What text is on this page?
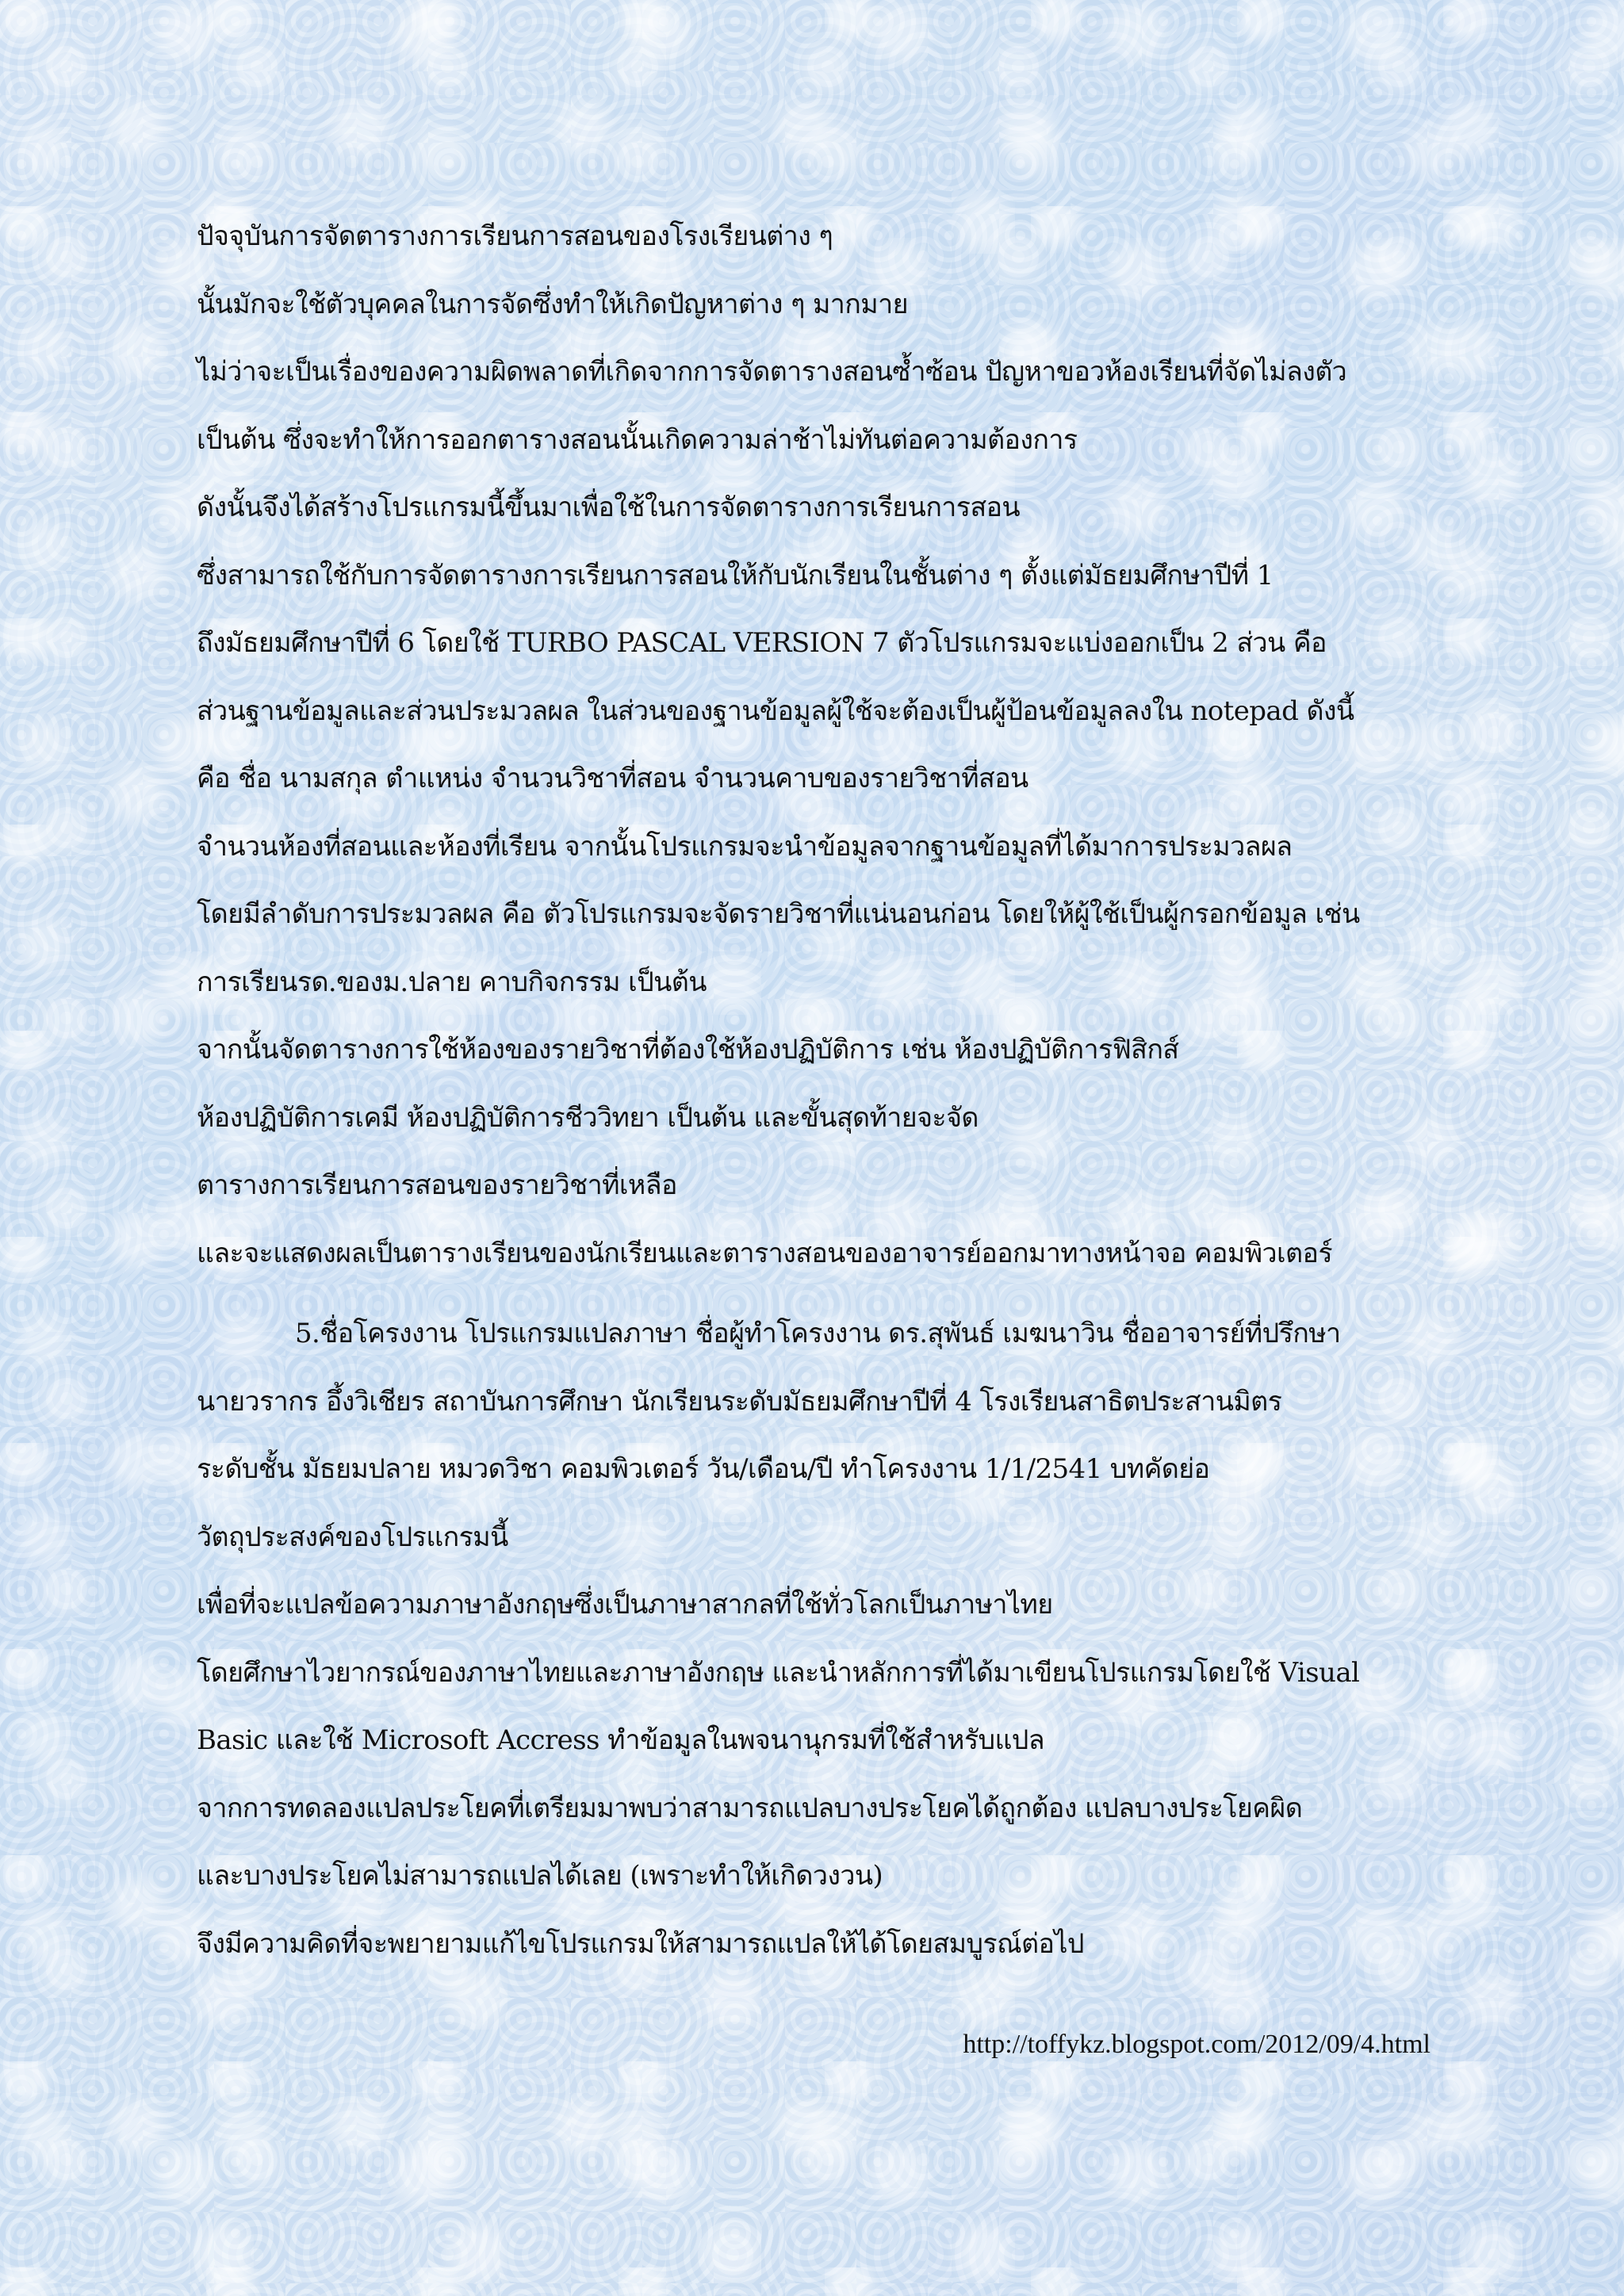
ปัจจุบันการจัดตารางการเรียนการสอนของโรงเรียนต่าง ๆ
นั้นมักจะใช้ตัวบุคคลในการจัดซึ่งทำให้เกิดปัญหาต่าง ๆ มากมาย
ไม่ว่าจะเป็นเรื่องของความผิดพลาดที่เกิดจากการจัดตารางสอนซ้ำซ้อน ปัญหาขอวห้องเรียนที่จัดไม่ลงตัว
เป็นต้น ซึ่งจะทำให้การออกตารางสอนนั้นเกิดความล่าช้าไม่ทันต่อความต้องการ
ดังนั้นจึงได้สร้างโปรแกรมนี้ขึ้นมาเพื่อใช้ในการจัดตารางการเรียนการสอน
ซึ่งสามารถใช้กับการจัดตารางการเรียนการสอนให้กับนักเรียนในชั้นต่าง ๆ ตั้งแต่มัธยมศึกษาปีที่ 1
ถึงมัธยมศึกษาปีที่ 6 โดยใช้ TURBO PASCAL VERSION 7 ตัวโปรแกรมจะแบ่งออกเป็น 2 ส่วน คือ
ส่วนฐานข้อมูลและส่วนประมวลผล ในส่วนของฐานข้อมูลผู้ใช้จะต้องเป็นผู้ป้อนข้อมูลลงใน notepad ดังนี้
คือ ชื่อ นามสกุล ตำแหน่ง จำนวนวิชาที่สอน จำนวนคาบของรายวิชาที่สอน
จำนวนห้องที่สอนและห้องที่เรียน จากนั้นโปรแกรมจะนำข้อมูลจากฐานข้อมูลที่ได้มาการประมวลผล
โดยมีลำดับการประมวลผล คือ ตัวโปรแกรมจะจัดรายวิชาที่แน่นอนก่อน โดยให้ผู้ใช้เป็นผู้กรอกข้อมูล เช่น
การเรียนรด.ของม.ปลาย คาบกิจกรรม เป็นต้น
จากนั้นจัดตารางการใช้ห้องของรายวิชาที่ต้องใช้ห้องปฏิบัติการ เช่น ห้องปฏิบัติการฟิสิกส์
ห้องปฏิบัติการเคมี ห้องปฏิบัติการชีววิทยา เป็นต้น และขั้นสุดท้ายจะจัด
ตารางการเรียนการสอนของรายวิชาที่เหลือ
และจะแสดงผลเป็นตารางเรียนของนักเรียนและตารางสอนของอาจารย์ออกมาทางหน้าจอ คอมพิวเตอร์
5.ชื่อโครงงาน โปรแกรมแปลภาษา ชื่อผู้ทำโครงงาน ดร.สุพันธ์ เมฆนาวิน ชื่ออาจารย์ที่ปรึกษา
นายวรากร อึ้งวิเชียร สถาบันการศึกษา นักเรียนระดับมัธยมศึกษาปีที่ 4 โรงเรียนสาธิตประสานมิตร
ระดับชั้น มัธยมปลาย หมวดวิชา คอมพิวเตอร์ วัน/เดือน/ปี ทำโครงงาน 1/1/2541 บทคัดย่อ
วัตถุประสงค์ของโปรแกรมนี้
เพื่อที่จะแปลข้อความภาษาอังกฤษซึ่งเป็นภาษาสากลที่ใช้ทั่วโลกเป็นภาษาไทย
โดยศึกษาไวยากรณ์ของภาษาไทยและภาษาอังกฤษ และนำหลักการที่ได้มาเขียนโปรแกรมโดยใช้ Visual
Basic และใช้ Microsoft Accress ทำข้อมูลในพจนานุกรมที่ใช้สำหรับแปล
จากการทดลองแปลประโยคที่เตรียมมาพบว่าสามารถแปลบางประโยคได้ถูกต้อง แปลบางประโยคผิด
และบางประโยคไม่สามารถแปลได้เลย (เพราะทำให้เกิดวงวน)
จึงมีความคิดที่จะพยายามแก้ไขโปรแกรมให้สามารถแปลให้ได้โดยสมบูรณ์ต่อไป
http://toffykz.blogspot.com/2012/09/4.html
